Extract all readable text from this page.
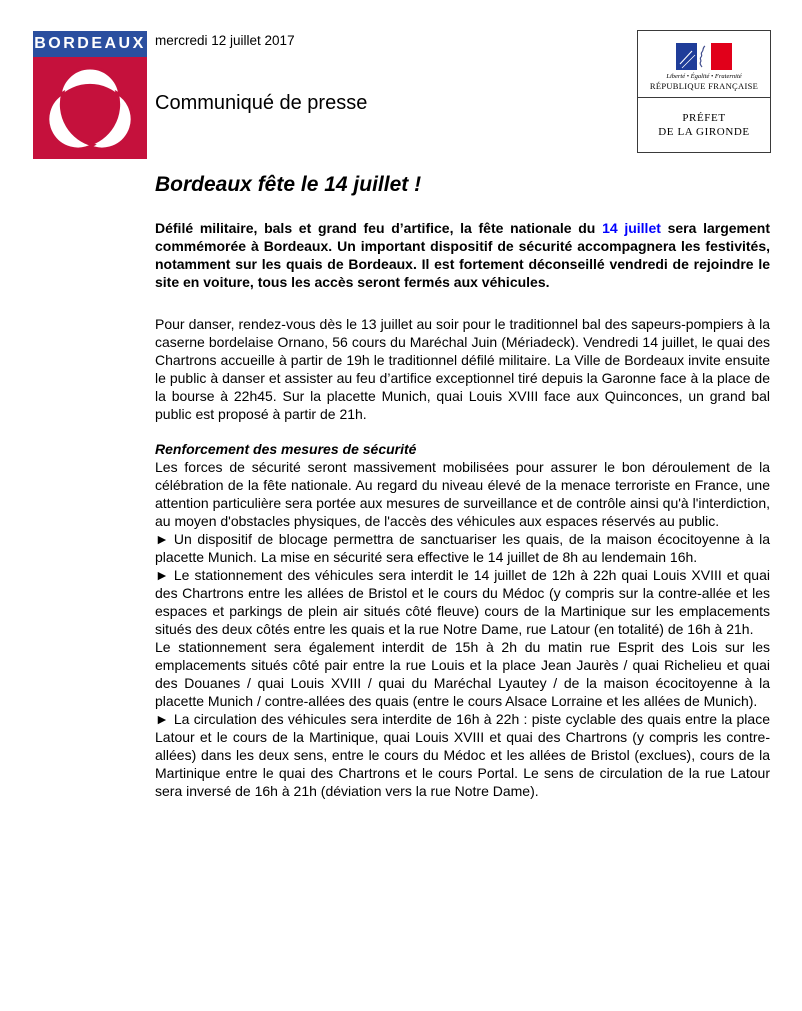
BORDEAUX mercredi 12 juillet 2017
Communiqué de presse
Liberté • Égalité • Fraternité
RÉPUBLIQUE FRANÇAISE
PRÉFET
DE LA GIRONDE
Bordeaux fête le 14 juillet !

Défilé militaire, bals et grand feu d’artifice, la fête nationale du 14 juillet sera largement commémorée à Bordeaux. Un important dispositif de sécurité accompagnera les festivités, notamment sur les quais de Bordeaux. Il est fortement déconseillé vendredi de rejoindre le site en voiture, tous les accès seront fermés aux véhicules.

Pour danser, rendez-vous dès le 13 juillet au soir pour le traditionnel bal des sapeurs-pompiers à la caserne bordelaise Ornano, 56 cours du Maréchal Juin (Mériadeck). Vendredi 14 juillet, le quai des Chartrons accueille à partir de 19h le traditionnel défilé militaire. La Ville de Bordeaux invite ensuite le public à danser et assister au feu d’artifice exceptionnel tiré depuis la Garonne face à la place de la bourse à 22h45. Sur la placette Munich, quai Louis XVIII face aux Quinconces, un grand bal public est proposé à partir de 21h.

Renforcement des mesures de sécurité

Les forces de sécurité seront massivement mobilisées pour assurer le bon déroulement de la célébration de la fête nationale. Au regard du niveau élevé de la menace terroriste en France, une attention particulière sera portée aux mesures de surveillance et de contrôle ainsi qu'à l'interdiction, au moyen d'obstacles physiques, de l'accès des véhicules aux espaces réservés au public.

► Un dispositif de blocage permettra de sanctuariser les quais, de la maison écocitoyenne à la placette Munich. La mise en sécurité sera effective le 14 juillet de 8h au lendemain 16h.

► Le stationnement des véhicules sera interdit le 14 juillet de 12h à 22h quai Louis XVIII et quai des Chartrons entre les allées de Bristol et le cours du Médoc (y compris sur la contre-allée et les espaces et parkings de plein air situés côté fleuve) cours de la Martinique sur les emplacements situés des deux côtés entre les quais et la rue Notre Dame, rue Latour (en totalité) de 16h à 21h.

Le stationnement sera également interdit de 15h à 2h du matin rue Esprit des Lois sur les emplacements situés côté pair entre la rue Louis et la place Jean Jaurès / quai Richelieu et quai des Douanes / quai Louis XVIII / quai du Maréchal Lyautey / de la maison écocitoyenne à la placette Munich / contre-allées des quais (entre le cours Alsace Lorraine et les allées de Munich).

► La circulation des véhicules sera interdite de 16h à 22h : piste cyclable des quais entre la place Latour et le cours de la Martinique, quai Louis XVIII et quai des Chartrons (y compris les contre-allées) dans les deux sens, entre le cours du Médoc et les allées de Bristol (exclues), cours de la Martinique entre le quai des Chartrons et le cours Portal. Le sens de circulation de la rue Latour sera inversé de 16h à 21h (déviation vers la rue Notre Dame).
